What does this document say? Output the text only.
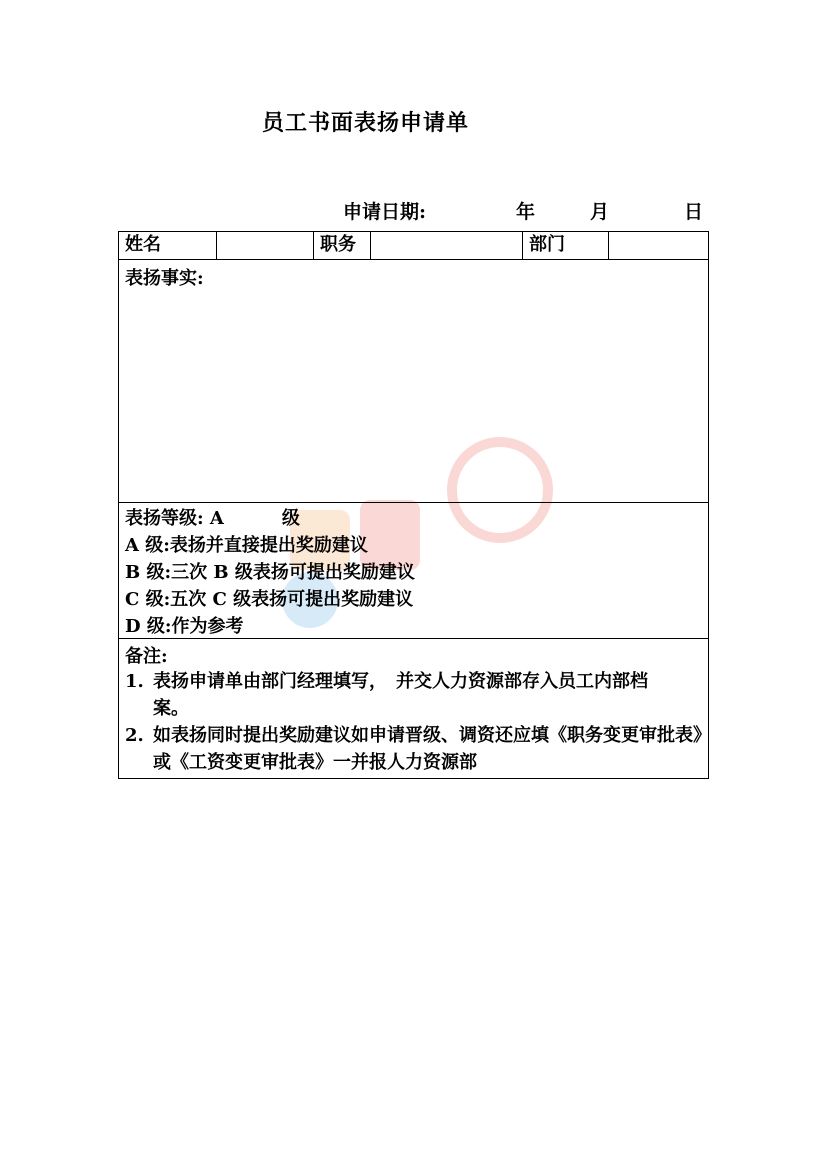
员工书面表扬申请单
申请日期:	年	月	日
姓名	职务	部门
表扬事实:
表扬等级: A	级
A 级:表扬并直接提出奖励建议
B 级:三次 B 级表扬可提出奖励建议
C 级:五次 C 级表扬可提出奖励建议
D 级:作为参考
备注:
1. 表扬申请单由部门经理填写，　并交人力资源部存入员工内部档　　案。
2. 如表扬同时提出奖励建议如申请晋级、调资还应填《职务变更审批表》或《工资变更审批表》一并报人力资源部
